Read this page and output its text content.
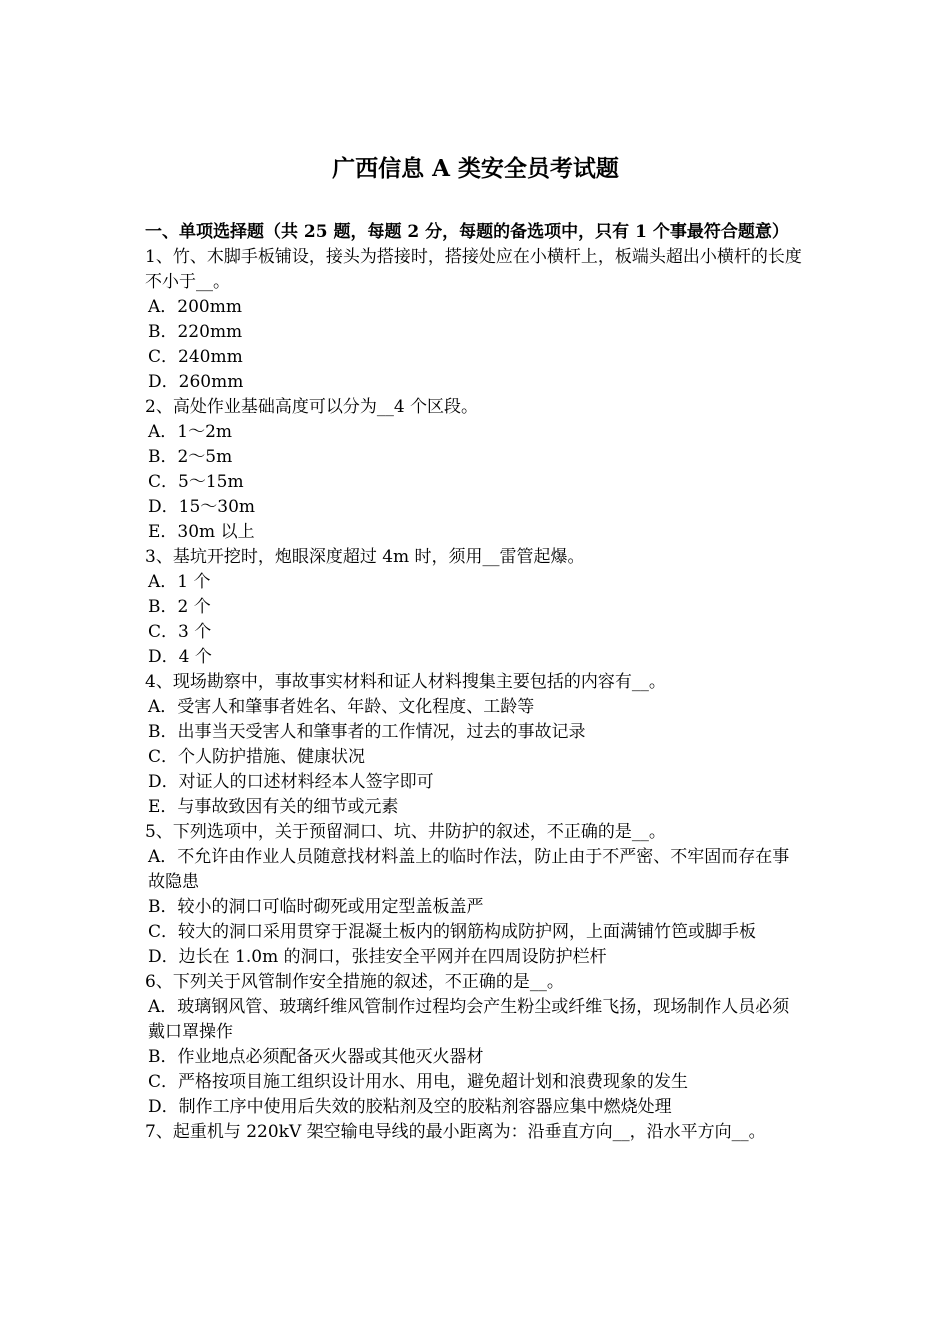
广西信息 A 类安全员考试题

一、单项选择题（共 25 题，每题 2 分，每题的备选项中，只有 1 个事最符合题意）

1、竹、木脚手板铺设，接头为搭接时，搭接处应在小横杆上，板端头超出小横杆的长度不小于__。

A．200mm

B．220mm

C．240mm

D．260mm

2、高处作业基础高度可以分为__4 个区段。

A．1～2m

B．2～5m

C．5～15m

D．15～30m

E．30m 以上

3、基坑开挖时，炮眼深度超过 4m 时，须用__雷管起爆。

A．1 个

B．2 个

C．3 个

D．4 个

4、现场勘察中，事故事实材料和证人材料搜集主要包括的内容有__。

A．受害人和肇事者姓名、年龄、文化程度、工龄等

B．出事当天受害人和肇事者的工作情况，过去的事故记录

C．个人防护措施、健康状况

D．对证人的口述材料经本人签字即可

E．与事故致因有关的细节或元素

5、下列选项中，关于预留洞口、坑、井防护的叙述，不正确的是__。

A．不允许由作业人员随意找材料盖上的临时作法，防止由于不严密、不牢固而存在事故隐患

B．较小的洞口可临时砌死或用定型盖板盖严

C．较大的洞口采用贯穿于混凝土板内的钢筋构成防护网，上面满铺竹笆或脚手板

D．边长在 1.0m 的洞口，张挂安全平网并在四周设防护栏杆

6、下列关于风管制作安全措施的叙述，不正确的是__。

A．玻璃钢风管、玻璃纤维风管制作过程均会产生粉尘或纤维飞扬，现场制作人员必须戴口罩操作

B．作业地点必须配备灭火器或其他灭火器材

C．严格按项目施工组织设计用水、用电，避免超计划和浪费现象的发生

D．制作工序中使用后失效的胶粘剂及空的胶粘剂容器应集中燃烧处理

7、起重机与 220kV 架空输电导线的最小距离为：沿垂直方向__，沿水平方向__。
